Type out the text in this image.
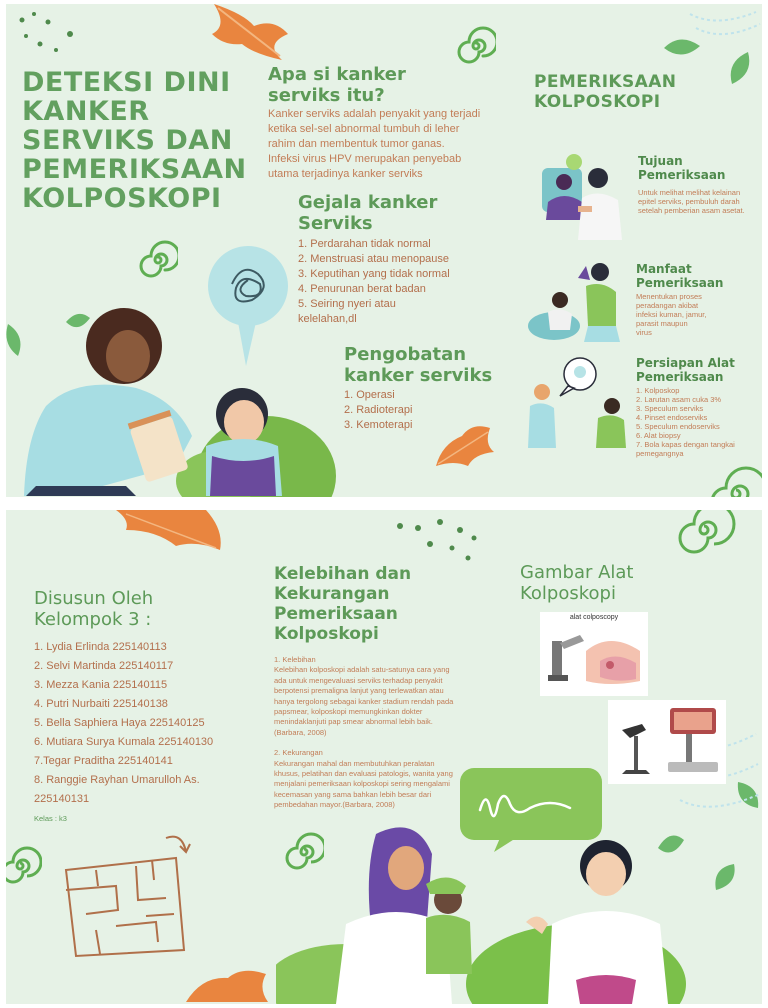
DETEKSI DINI
KANKER
SERVIKS DAN
PEMERIKSAAN
KOLPOSKOPI
Apa si kanker
serviks itu?
Kanker serviks adalah penyakit yang terjadi
ketika sel-sel abnormal tumbuh di leher
rahim dan membentuk tumor ganas.
Infeksi virus HPV merupakan penyebab
utama terjadinya kanker serviks
Gejala kanker
Serviks
1. Perdarahan tidak normal
2. Menstruasi atau menopause
3. Keputihan yang tidak normal
4. Penurunan berat badan
5. Seiring nyeri atau
kelelahan,dl
Pengobatan
kanker serviks
1. Operasi
2. Radioterapi
3. Kemoterapi
PEMERIKSAAN
KOLPOSKOPI
Tujuan
Pemeriksaan
Untuk melihat melihat kelainan
epitel serviks, pembuluh darah
setelah pemberian asam asetat.
Manfaat
Pemeriksaan
Menentukan proses
peradangan akibat
infeksi kuman, jamur,
parasit maupun
virus
Persiapan Alat
Pemeriksaan
1. Kolposkop
2. Larutan asam cuka 3%
3. Speculum serviks
4. Pinset endoserviks
5. Speculum endoserviks
6. Alat biopsy
7. Bola kapas dengan tangkai
pemegangnya
Disusun Oleh
Kelompok 3 :
1. Lydia Erlinda 225140113
2. Selvi Martinda 225140117
3. Mezza Kania 225140115
4. Putri Nurbaiti 225140138
5. Bella Saphiera Haya 225140125
6. Mutiara Surya Kumala 225140130
7.Tegar Praditha 225140141
8. Ranggie Rayhan Umarulloh As.
225140131
Kelas : k3
Kelebihan dan
Kekurangan
Pemeriksaan
Kolposkopi
1. Kelebihan
Kelebihan kolposkopi adalah satu-satunya cara yang
ada untuk mengevaluasi serviks terhadap penyakit
berpotensi premaligna lanjut yang terlewatkan atau
hanya tergolong sebagai kanker stadium rendah pada
papsmear, kolposkopi memungkinkan dokter
menindaklanjuti pap smear abnormal lebih baik.
(Barbara, 2008)
2. Kekurangan
Kekurangan mahal dan membutuhkan peralatan
khusus, pelatihan dan evaluasi patologis, wanita yang
menjalani pemeriksaan kolposkopi sering mengalami
kecemasan yang sama bahkan lebih besar dari
pembedahan mayor.(Barbara, 2008)
Gambar Alat
Kolposkopi
alat colposcopy
